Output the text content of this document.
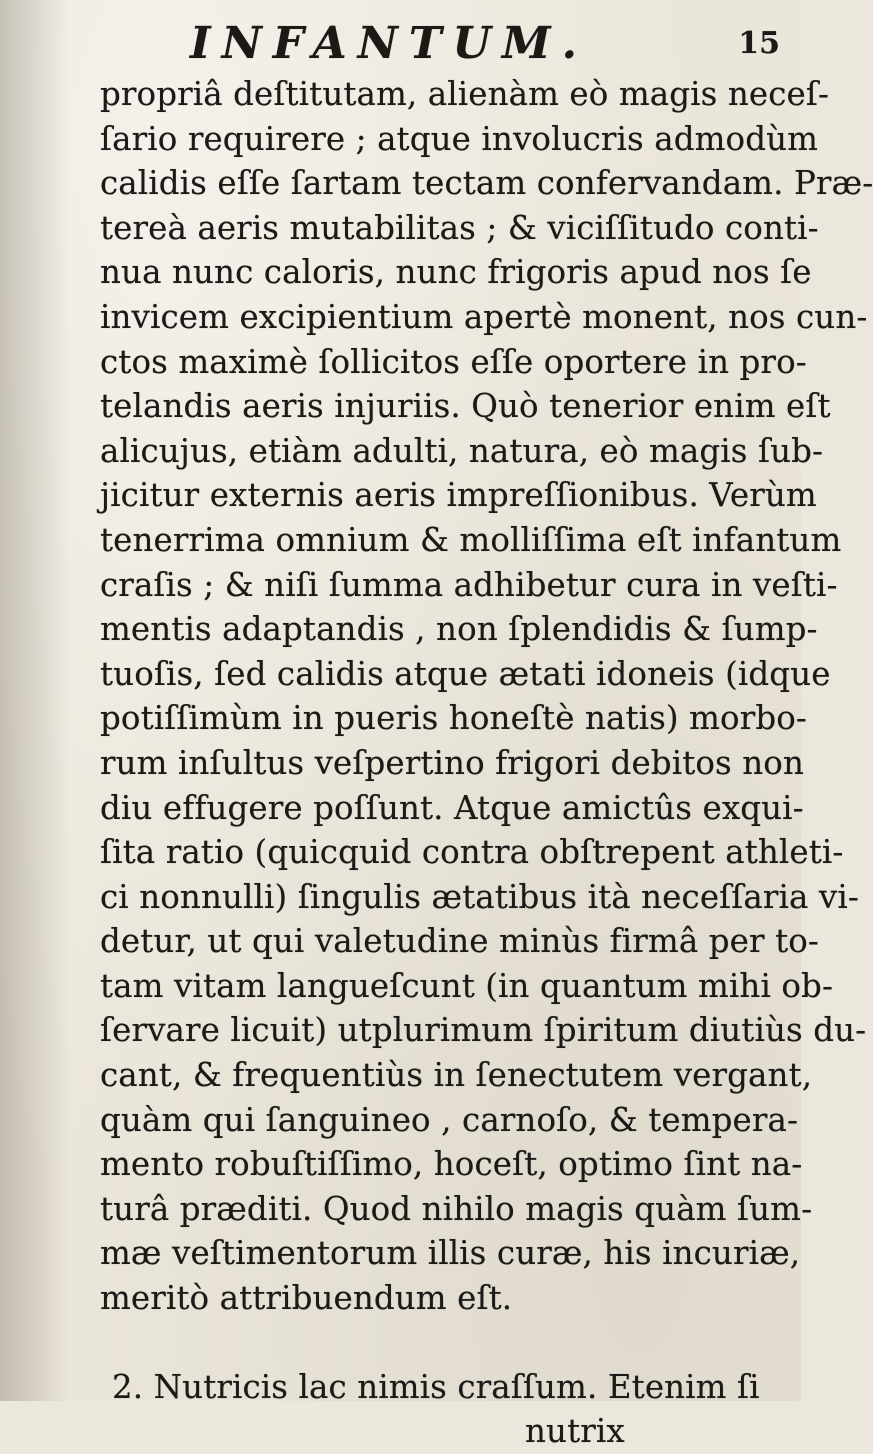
INFANTUM.	15
propriâ deſtitutam, alienàm eò magis neceſ-
ſario requirere ; atque involucris admodùm
calidis eſſe ſartam tectam confervandam. Præ-
tereà aeris mutabilitas ; & viciſſitudo conti-
nua nunc caloris, nunc frigoris apud nos ſe
invicem excipientium apertè monent, nos cun-
ctos maximè ſollicitos eſſe oportere in pro-
telandis aeris injuriis. Quò tenerior enim eſt
alicujus, etiàm adulti, natura, eò magis ſub-
jicitur externis aeris impreſſionibus. Verùm
tenerrima omnium & molliſſima eſt infantum
craſis ; & niſi ſumma adhibetur cura in veſti-
mentis adaptandis , non ſplendidis & ſump-
tuoſis, ſed calidis atque ætati idoneis (idque
potiſſimùm in pueris honeſtè natis) morbo-
rum inſultus veſpertino frigori debitos non
diu effugere poſſunt. Atque amictûs exqui-
ſita ratio (quicquid contra obſtrepent athleti-
ci nonnulli) ſingulis ætatibus ità neceſſaria vi-
detur, ut qui valetudine minùs firmâ per to-
tam vitam langueſcunt (in quantum mihi ob-
ſervare licuit) utplurimum ſpiritum diutiùs du-
cant, & frequentiùs in ſenectutem vergant,
quàm qui ſanguineo , carnoſo, & tempera-
mento robuſtiſſimo, hoceſt, optimo ſint na-
turâ præditi. Quod nihilo magis quàm ſum-
mæ veſtimentorum illis curæ, his incuriæ,
meritò attribuendum eſt.
2. Nutricis lac nimis craſſum. Etenim ſi
nutrix
